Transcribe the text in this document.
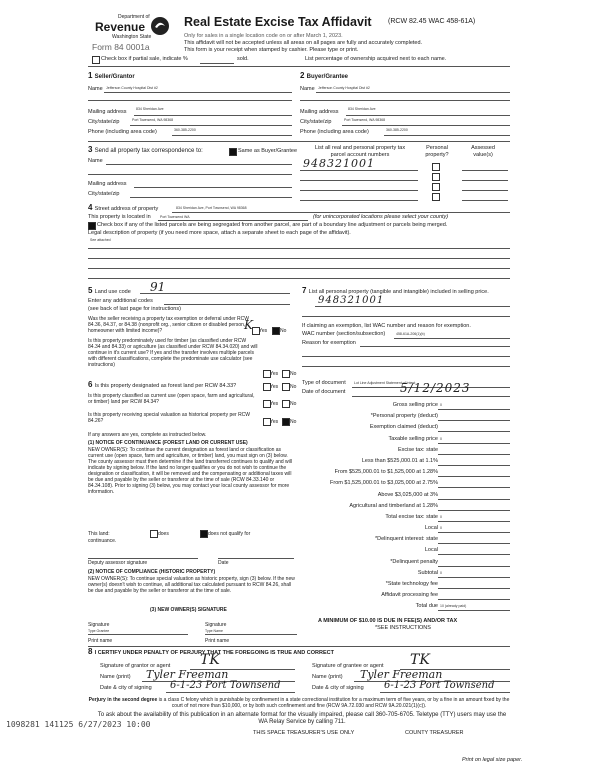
Department of
Revenue
Washington State
Form 84 0001a
Real Estate Excise Tax Affidavit (RCW 82.45 WAC 458-61A)
Only for sales in a single location code on or after March 1, 2023.
This affidavit will not be accepted unless all areas on all pages are fully and accurately completed.
This form is your receipt when stamped by cashier. Please type or print.
Check box if partial sale, indicate %	sold.	List percentage of ownership acquired next to each name.
1 Seller/Grantor
Name Jefferson County Hospital Dist #2
Mailing address	834 Sheridan Ave
City/state/zip	Port Townsend, WA 98368
Phone (including area code)	360-385-2200
2 Buyer/Grantee
Name Jefferson County Hospital Dist #2
Mailing address	834 Sheridan Ave
City/state/zip	Port Townsend, WA 98368
Phone (including area code)	360-385-2200
3 Send all property tax correspondence to:	Same as Buyer/Grantee
Name
Mailing address
City/state/zip
List all real and personal property tax
parcel account numbers
Personal
property?
Assessed
value(s)
948321001
4 Street address of property	834 Sheridan Ave, Port Townsend, WA 98368
This property is located in	Port Townsend WA	(for unincorporated locations please select your county)
Check box if any of the listed parcels are being segregated from another parcel, are part of a boundary line adjustment or parcels being merged.
Legal description of property (if you need more space, attach a separate sheet to each page of the affidavit).
See attached
5 Land use code 91
Enter any additional codes
(see back of last page for instructions)
Was the seller receiving a property tax exemption or deferral under RCW 84.36, 84.37, or 84.38 (nonprofit org., senior citizen or disabled person, homeowner with limited income)?	Yes	No
K
Is this property predominately used for timber (as classified under RCW 84.34 and 84.33) or agriculture (as classified under RCW 84.34.020) and will continue in it's current use? If yes and the transfer involves multiple parcels with different classifications, complete the predominate use calculator (see instructions)
Yes No
6 Is this property designated as forest land per RCW 84.33?	Yes No
Is this property classified as current use (open space, farm and agricultural, or timber) land per RCW 84.34?	Yes No
Is this property receiving special valuation as historical property per RCW 84.26?	Yes No
If any answers are yes, complete as instructed below.
(1) NOTICE OF CONTINUANCE (FOREST LAND OR CURRENT USE)
NEW OWNER(S): To continue the current designation as forest land or classification as current use (open space, farm and agriculture, or timber) land, you must sign on (3) below. The county assessor must then determine if the land transferred continues to qualify and will indicate by signing below. If the land no longer qualifies or you do not wish to continue the designation or classification, it will be removed and the compensating or additional taxes will be due and payable by the seller or transferor at the time of sale (RCW 84.33.140 or 84.34.108). Prior to signing (3) below, you may contact your local county assessor for more information.
This land:	does	does not qualify for
continuance.
Deputy assessor signature	Date
(2) NOTICE OF COMPLIANCE (HISTORIC PROPERTY)
NEW OWNER(S): To continue special valuation as historic property, sign (3) below. If the new owner(s) doesn't wish to continue, all additional tax calculated pursuant to RCW 84.26, shall be due and payable by the seller or transferor at the time of sale.
(3) NEW OWNER(S) SIGNATURE
Signature
Type Grantee
Print name
Signature
Type Name
Print name
7 List all personal property (tangible and intangible) included in selling price.
948321001
If claiming an exemption, list WAC number and reason for exemption.
WAC number (section/subsection)	458-61A-206(1)(b)
Reason for exemption
Type of document Lot Line Adjustment Statement of Intent
Date of document	5/12/2023
Gross selling price 0
*Personal property (deduct)
Exemption claimed (deduct)
Taxable selling price 0
Excise tax: state
Less than $525,000.01 at 1.1%
From $525,000.01 to $1,525,000 at 1.28%
From $1,525,000.01 to $3,025,000 at 2.75%
Above $3,025,000 at 3%
Agricultural and timberland at 1.28%
Total excise tax: state 0
Local 0
*Delinquent interest: state
Local
*Delinquent penalty
Subtotal 0
*State technology fee
Affidavit processing fee
Total due 10 (already paid)
A MINIMUM OF $10.00 IS DUE IN FEE(S) AND/OR TAX
*SEE INSTRUCTIONS
8 I CERTIFY UNDER PENALTY OF PERJURY THAT THE FOREGOING IS TRUE AND CORRECT
Signature of grantor or agent TK
Name (print) Tyler Freeman
Date & city of signing 6-1-23 Port Townsend
Signature of grantee or agent TK
Name (print) Tyler Freeman
Date & city of signing 6-1-23 Port Townsend
Perjury in the second degree is a class C felony which is punishable by confinement in a state correctional institution for a maximum term of five years, or by a fine in an amount fixed by the court of not more than $10,000, or by both such confinement and fine (RCW 9A.72.030 and RCW 9A.20.021(1)(c)).
To ask about the availability of this publication in an alternate format for the visually impaired, please call 360-705-6705. Teletype (TTY) users may use the WA Relay Service by calling 711.
1098281 141125 6/27/2023 10:00
THIS SPACE TREASURER'S USE ONLY	COUNTY TREASURER
Print on legal size paper.
